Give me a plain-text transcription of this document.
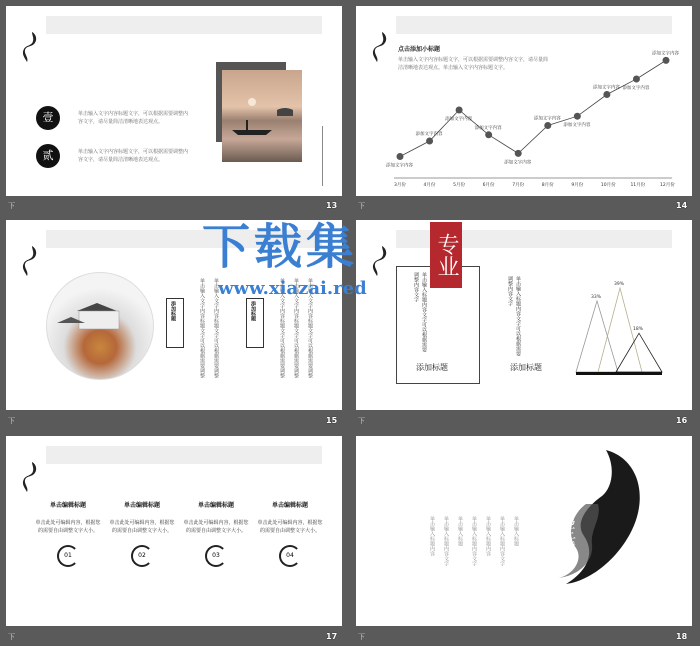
壹
贰
单击输入文字内容标题文字，可以根据需要调整内容文字，请尽量简洁清晰地表达观点。
单击输入文字内容标题文字，可以根据需要调整内容文字，请尽量简洁清晰地表达观点。
下	13
点击添加小标题
单击输入文字内容标题文字，可以根据需要调整内容文字，请尽量简洁清晰地表达观点。单击输入文字内容标题文字。
添加文字内容
3月份
添加文字内容
4月份
添加文字内容
5月份
添加文字内容
6月份
添加文字内容
7月份
添加文字内容
8月份
添加文字内容
9月份
添加文字内容
10月份
添加文字内容
11月份
添加文字内容
12月份
下	14
添加标题	单击输入文字内容标题文字可以根据需要调整 单击输入文字内容标题文字可以根据需要调整	添加标题	单击输入文字内容标题文字可以根据需要调整 单击输入文字内容标题文字可以根据需要调整 单击输入文字内容标题文字可以根据需要调整
下	15
单击输入标题内容文字可以根据需要调整内容文字
添加标题
单击输入标题内容文字可以根据需要调整内容文字
添加标题
33%
39%
18%
下	16
单击编辑标题
单击此处可编辑内容，根据您的需要自由调整文字大小。
01
单击编辑标题
单击此处可编辑内容，根据您的需要自由调整文字大小。
02
单击编辑标题
单击此处可编辑内容，根据您的需要自由调整文字大小。
03
单击编辑标题
单击此处可编辑内容，根据您的需要自由调整文字大小。
04
下	17
单击输入标题内容 单击输入标题内容文字 单击输入标题 单击输入标题内容文字 单击输入标题内容 单击输入标题内容文字 单击输入标题	第三章
下	18
下载集	专业
www.xiazai.red
